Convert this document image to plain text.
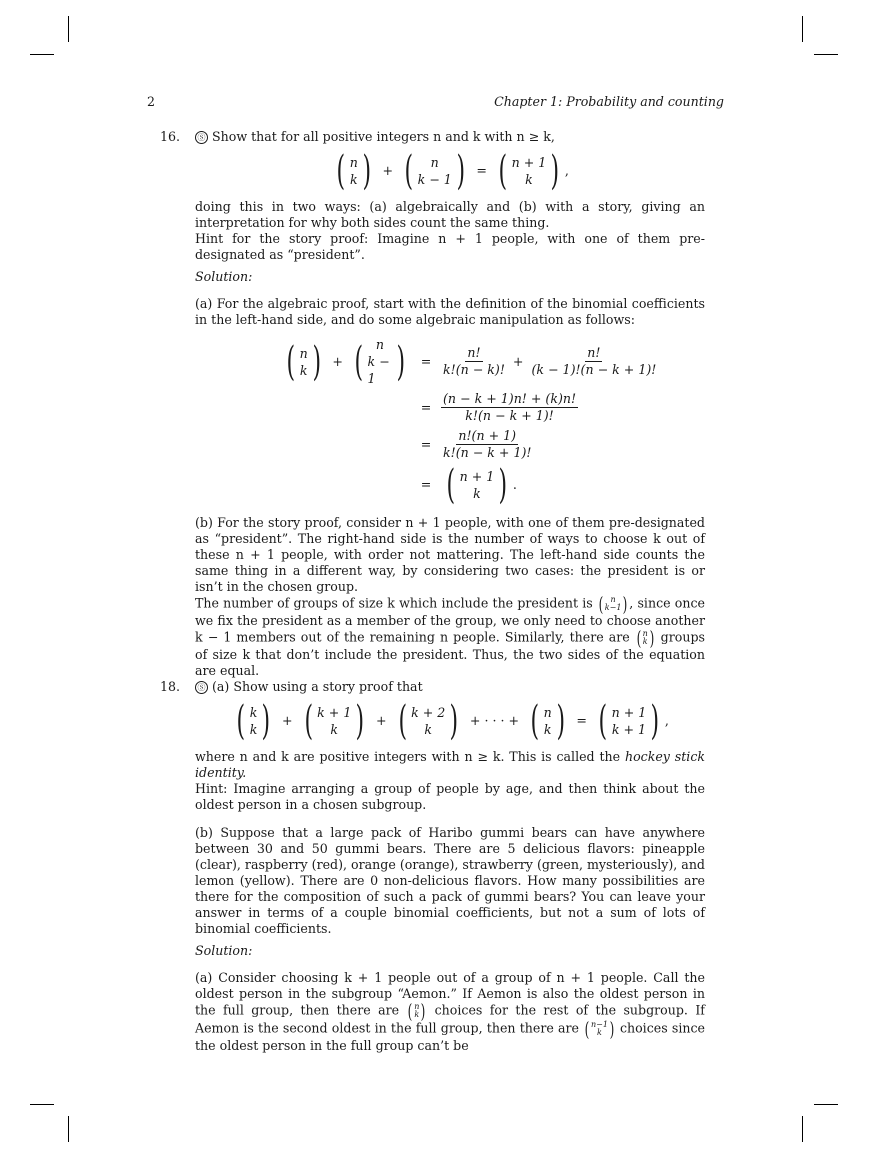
2	Chapter 1: Probability and counting
16.	Ⓢ Show that for all positive integers n and k with n ≥ k,

( n
k ) + ( n
k − 1 ) = ( n + 1
k ) ,

doing this in two ways: (a) algebraically and (b) with a story, giving an interpretation for why both sides count the same thing.

Hint for the story proof: Imagine n + 1 people, with one of them pre-designated as “president”.

Solution:

(a) For the algebraic proof, start with the definition of the binomial coefficients in the left-hand side, and do some algebraic manipulation as follows:

( n
k ) + ( n
k − 1 )	= $\frac{n!}{k!(n - k)!} + \frac{n!}{(k - 1)!(n - k + 1)!}$
= $\frac{(n - k + 1)n! + (k)n!}{k!(n - k + 1)!}$
= $\frac{n!(n + 1)}{k!(n - k + 1)!}$
= ( n + 1
k ) .

(b) For the story proof, consider n + 1 people, with one of them pre-designated as “president”. The right-hand side is the number of ways to choose k out of these n + 1 people, with order not mattering. The left-hand side counts the same thing in a different way, by considering two cases: the president is or isn’t in the chosen group.

The number of groups of size k which include the president is ( n
k−1 ) , since once we fix the president as a member of the group, we only need to choose another k − 1 members out of the remaining n people. Similarly, there are ( n
k ) groups of size k that don’t include the president. Thus, the two sides of the equation are equal.

18.	Ⓢ (a) Show using a story proof that

( k
k ) + ( k + 1
k ) + ( k + 2
k ) + · · · + ( n
k ) = ( n + 1
k + 1 ) ,

where n and k are positive integers with n ≥ k. This is called the hockey stick identity.

Hint: Imagine arranging a group of people by age, and then think about the oldest person in a chosen subgroup.

(b) Suppose that a large pack of Haribo gummi bears can have anywhere between 30 and 50 gummi bears. There are 5 delicious flavors: pineapple (clear), raspberry (red), orange (orange), strawberry (green, mysteriously), and lemon (yellow). There are 0 non-delicious flavors. How many possibilities are there for the composition of such a pack of gummi bears? You can leave your answer in terms of a couple binomial coefficients, but not a sum of lots of binomial coefficients.

Solution:

(a) Consider choosing k + 1 people out of a group of n + 1 people. Call the oldest person in the subgroup “Aemon.” If Aemon is also the oldest person in the full group, then there are ( n
k ) choices for the rest of the subgroup. If Aemon is the second oldest in the full group, then there are ( n−1
k ) choices since the oldest person in the full group can’t be
